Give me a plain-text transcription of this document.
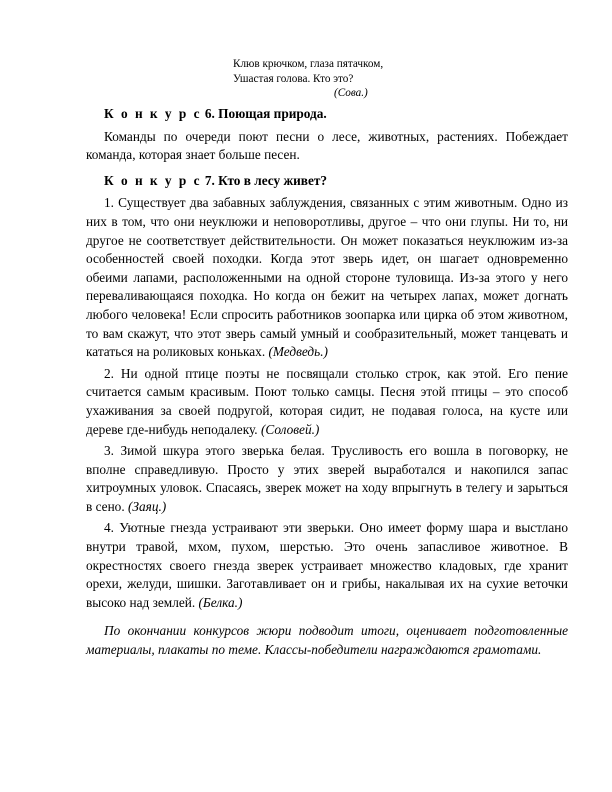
Клюв крючком, глаза пятачком,
Ушастая голова. Кто это?
(Сова.)

К о н к у р с 6. Поющая природа.

Команды по очереди поют песни о лесе, животных, растениях. Побеждает команда, которая знает больше песен.

К о н к у р с 7. Кто в лесу живет?

1. Существует два забавных заблуждения, связанных с этим животным. Одно из них в том, что они неуклюжи и неповоротливы, другое – что они глупы. Ни то, ни другое не соответствует действительности. Он может показаться неуклюжим из-за особенностей своей походки. Когда этот зверь идет, он шагает одновременно обеими лапами, расположенными на одной стороне туловища. Из-за этого у него переваливающаяся походка. Но когда он бежит на четырех лапах, может догнать любого человека! Если спросить работников зоопарка или цирка об этом животном, то вам скажут, что этот зверь самый умный и сообразительный, может танцевать и кататься на роликовых коньках. (Медведь.)

2. Ни одной птице поэты не посвящали столько строк, как этой. Его пение считается самым красивым. Поют только самцы. Песня этой птицы – это способ ухаживания за своей подругой, которая сидит, не подавая голоса, на кусте или дереве где-нибудь неподалеку. (Соловей.)

3. Зимой шкура этого зверька белая. Трусливость его вошла в поговорку, не вполне справедливую. Просто у этих зверей выработался и накопился запас хитроумных уловок. Спасаясь, зверек может на ходу впрыгнуть в телегу и зарыться в сено. (Заяц.)

4. Уютные гнезда устраивают эти зверьки. Оно имеет форму шара и выстлано внутри травой, мхом, пухом, шерстью. Это очень запасливое животное. В окрестностях своего гнезда зверек устраивает множество кладовых, где хранит орехи, желуди, шишки. Заготавливает он и грибы, накалывая их на сухие веточки высоко над землей. (Белка.)

По окончании конкурсов жюри подводит итоги, оценивает подготовленные материалы, плакаты по теме. Классы-победители награждаются грамотами.
